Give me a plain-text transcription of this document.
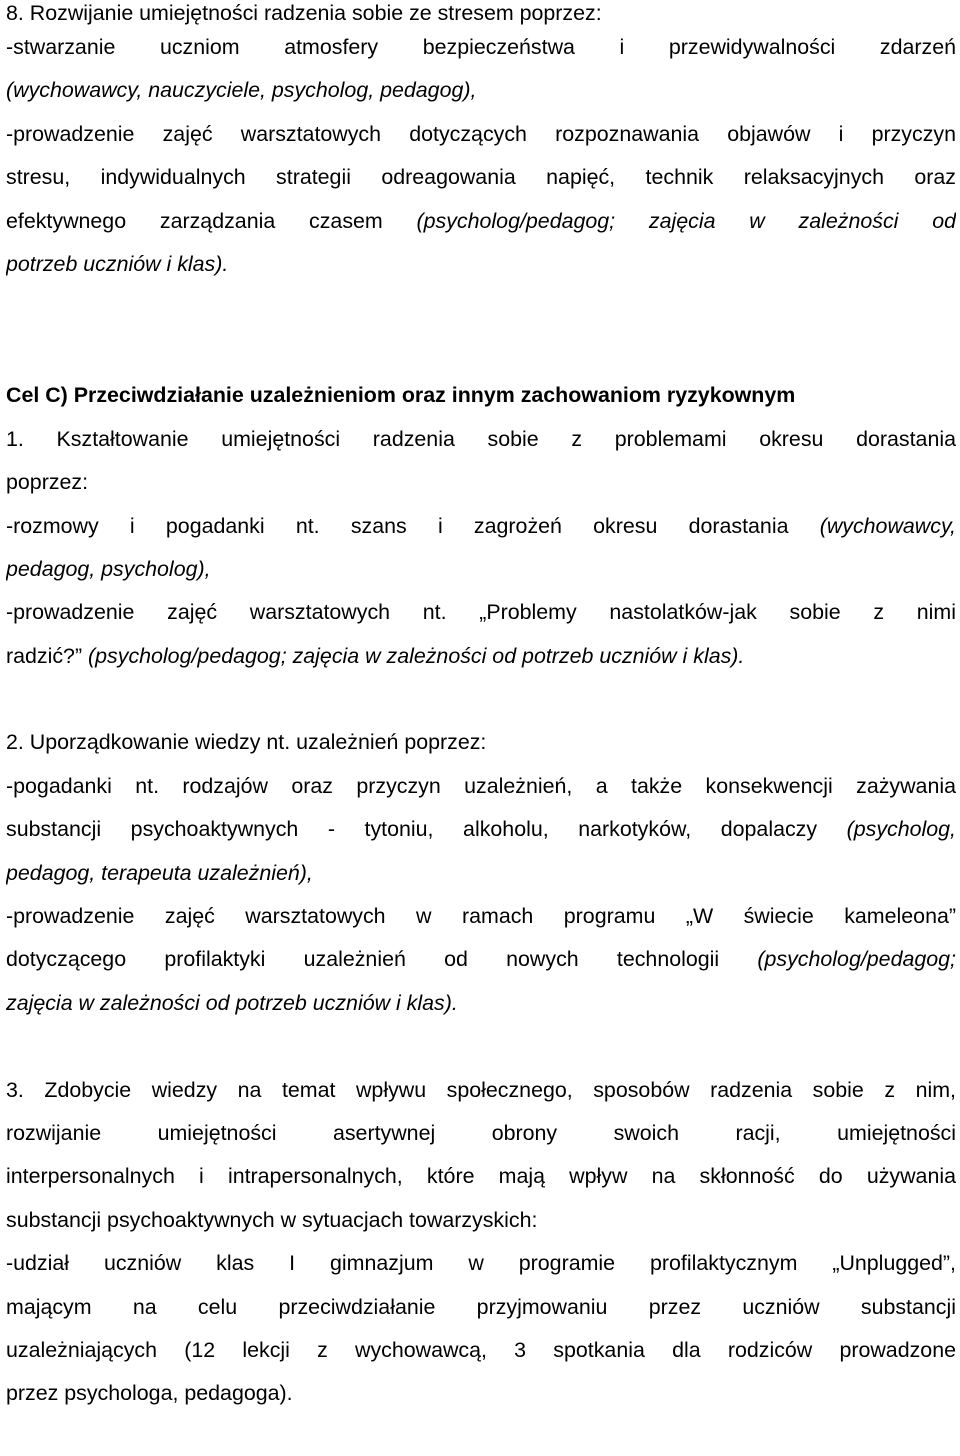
8. Rozwijanie umiejętności radzenia sobie ze stresem poprzez:
-stwarzanie uczniom atmosfery bezpieczeństwa i przewidywalności zdarzeń
(wychowawcy, nauczyciele, psycholog, pedagog),
-prowadzenie zajęć warsztatowych dotyczących rozpoznawania objawów i przyczyn
stresu, indywidualnych strategii odreagowania napięć, technik relaksacyjnych oraz
efektywnego zarządzania czasem (psycholog/pedagog; zajęcia w zależności od
potrzeb uczniów i klas).
Cel C) Przeciwdziałanie uzależnieniom oraz innym zachowaniom ryzykownym
1. Kształtowanie umiejętności radzenia sobie z problemami okresu dorastania
poprzez:
-rozmowy i pogadanki nt. szans i zagrożeń okresu dorastania (wychowawcy,
pedagog, psycholog),
-prowadzenie zajęć warsztatowych nt. „Problemy nastolatków-jak sobie z nimi
radzić?” (psycholog/pedagog; zajęcia w zależności od potrzeb uczniów i klas).
2. Uporządkowanie wiedzy nt. uzależnień poprzez:
-pogadanki nt. rodzajów oraz przyczyn uzależnień, a także konsekwencji zażywania
substancji psychoaktywnych - tytoniu, alkoholu, narkotyków, dopalaczy (psycholog,
pedagog, terapeuta uzależnień),
-prowadzenie zajęć warsztatowych w ramach programu „W świecie kameleona”
dotyczącego profilaktyki uzależnień od nowych technologii (psycholog/pedagog;
zajęcia w zależności od potrzeb uczniów i klas).
3. Zdobycie wiedzy na temat wpływu społecznego, sposobów radzenia sobie z nim,
rozwijanie umiejętności asertywnej obrony swoich racji, umiejętności
interpersonalnych i intrapersonalnych, które mają wpływ na skłonność do używania
substancji psychoaktywnych w sytuacjach towarzyskich:
-udział uczniów klas I gimnazjum w programie profilaktycznym „Unplugged”,
mającym na celu przeciwdziałanie przyjmowaniu przez uczniów substancji
uzależniających (12 lekcji z wychowawcą, 3 spotkania dla rodziców prowadzone
przez psychologa, pedagoga).
